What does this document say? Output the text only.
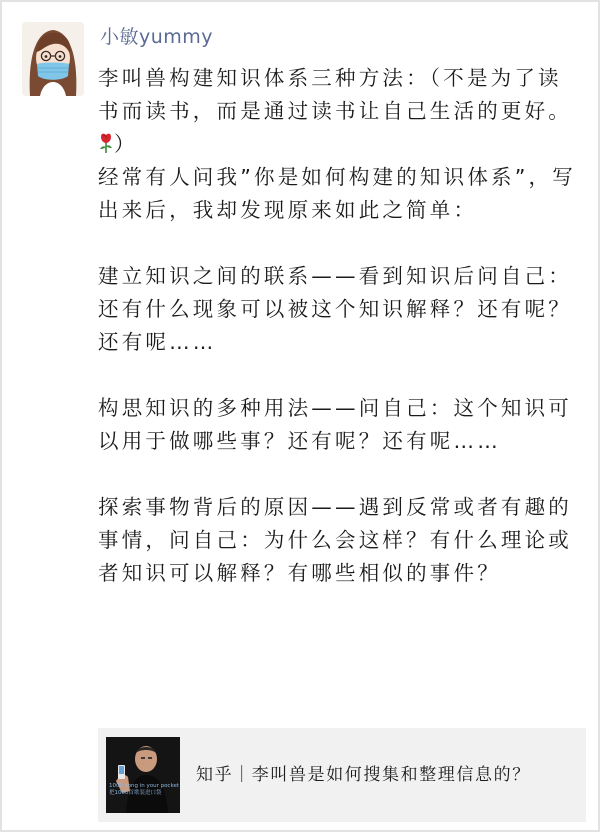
小敏yummy

李叫兽构建知识体系三种方法：（不是为了读书而读书，而是通过读书让自己生活的更好。）

经常有人问我”你是如何构建的知识体系”，写出来后，我却发现原来如此之简单：

建立知识之间的联系——看到知识后问自己：还有什么现象可以被这个知识解释？还有呢？还有呢……

构思知识的多种用法——问自己：这个知识可以用于做哪些事？还有呢？还有呢……

探索事物背后的原因——遇到反常或者有趣的事情，问自己：为什么会这样？有什么理论或者知识可以解释？有哪些相似的事件？

1000 song in your pocket 把1000首歌装进口袋
知乎｜李叫兽是如何搜集和整理信息的？
